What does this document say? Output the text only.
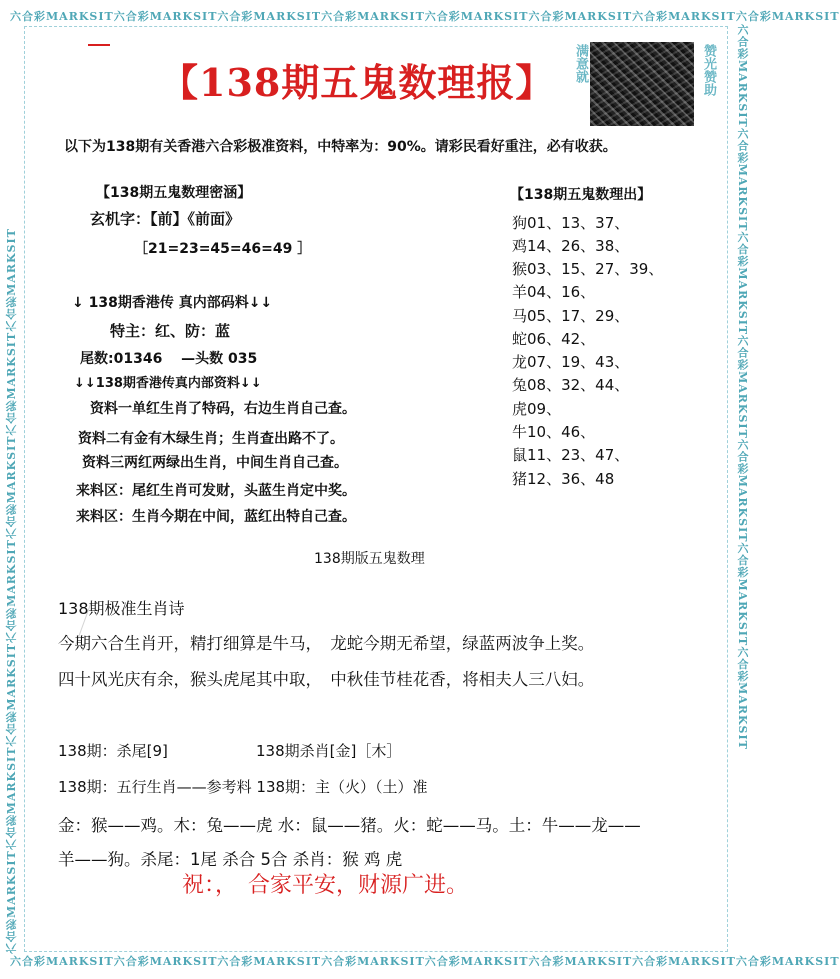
六合彩MARKSIT六合彩MARKSIT六合彩MARKSIT六合彩MARKSIT六合彩MARKSIT六合彩MARKSIT六合彩MARKSIT六合彩MARKSIT
六合彩MARKSIT六合彩MARKSIT六合彩MARKSIT六合彩MARKSIT六合彩MARKSIT六合彩MARKSIT六合彩MARKSIT六合彩MARKSIT
六合彩MARKSIT六合彩MARKSIT六合彩MARKSIT六合彩MARKSIT六合彩MARKSIT六合彩MARKSIT六合彩MARKSIT	六合彩MARKSIT六合彩MARKSIT六合彩MARKSIT六合彩MARKSIT六合彩MARKSIT六合彩MARKSIT六合彩MARKSIT
【138期五鬼数理报】	满意就	赞光赞助
以下为138期有关香港六合彩极准资料，中特率为：90%。请彩民看好重注，必有收获。
【138期五鬼数理密涵】
玄机字：【前】《前面》
［21=23=45=46=49 ］
↓ 138期香港传 真内部码料↓↓
特主：红、防：蓝
尾数:01346　 —头数 035
↓↓138期香港传真内部资料↓↓
资料一单红生肖了特码，右边生肖自己查。
资料二有金有木绿生肖；生肖查出路不了。
资料三两红两绿出生肖，中间生肖自己查。
来料区：尾红生肖可发财，头蓝生肖定中奖。
来料区：生肖今期在中间，蓝红出特自己查。
【138期五鬼数理出】
狗01、13、37、
鸡14、26、38、
猴03、15、27、39、
羊04、16、
马05、17、29、
蛇06、42、
龙07、19、43、
兔08、32、44、
虎09、
牛10、46、
鼠11、23、47、
猪12、36、48
138期版五鬼数理
138期极准生肖诗
今期六合生肖开，精打细算是牛马，　龙蛇今期无希望，绿蓝两波争上奖。
四十风光庆有余，猴头虎尾其中取，　中秋佳节桂花香，将相夫人三八妇。
138期：杀尾[9]	138期杀肖[金]［木］
138期：五行生肖——参考料 138期：主（火）（土）准
金：猴——鸡。木：兔——虎 水：鼠——猪。火：蛇——马。土：牛——龙——
羊——狗。杀尾：1尾 杀合 5合 杀肖：猴 鸡 虎
祝：，　合家平安，财源广进。
